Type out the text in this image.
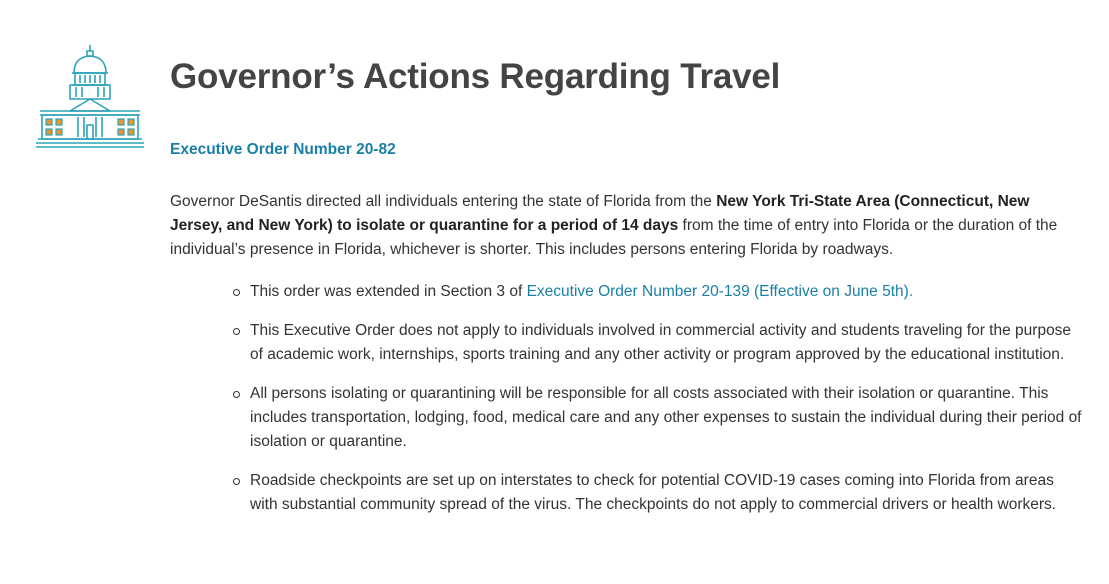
Governor’s Actions Regarding Travel
Executive Order Number 20-82

Governor DeSantis directed all individuals entering the state of Florida from the New York Tri-State Area (Connecticut, New Jersey, and New York) to isolate or quarantine for a period of 14 days from the time of entry into Florida or the duration of the individual’s presence in Florida, whichever is shorter. This includes persons entering Florida by roadways.

This order was extended in Section 3 of Executive Order Number 20-139 (Effective on June 5th).
This Executive Order does not apply to individuals involved in commercial activity and students traveling for the purpose of academic work, internships, sports training and any other activity or program approved by the educational institution.
All persons isolating or quarantining will be responsible for all costs associated with their isolation or quarantine. This includes transportation, lodging, food, medical care and any other expenses to sustain the individual during their period of isolation or quarantine.
Roadside checkpoints are set up on interstates to check for potential COVID-19 cases coming into Florida from areas with substantial community spread of the virus. The checkpoints do not apply to commercial drivers or health workers.
